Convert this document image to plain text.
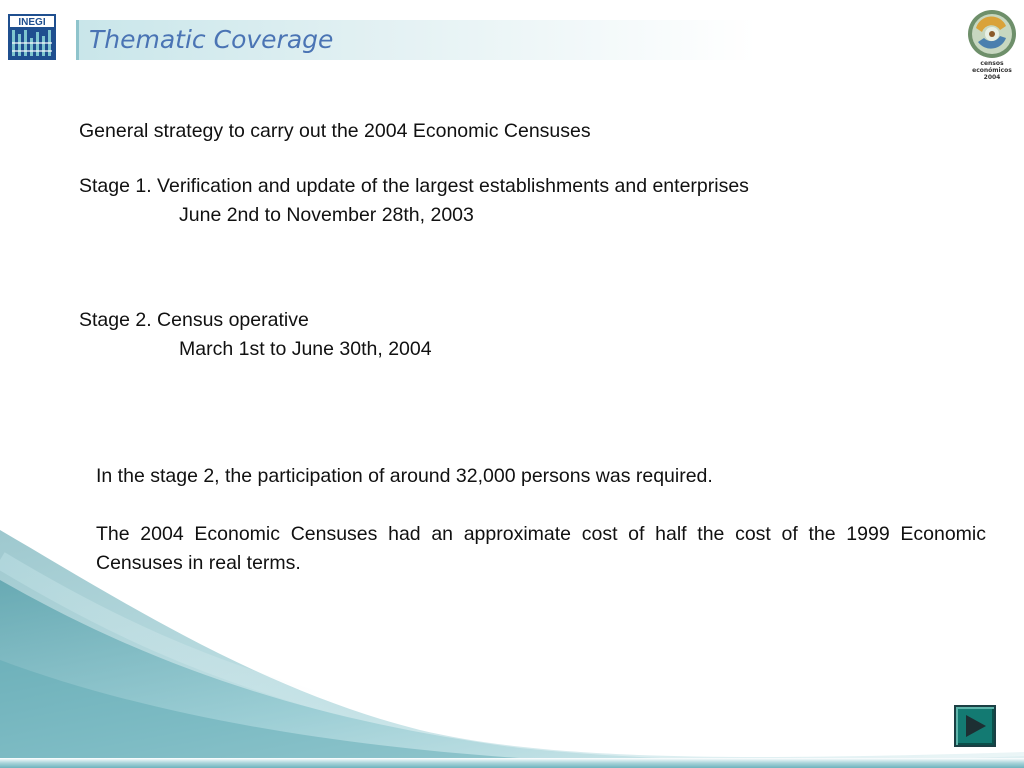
INEGI
Thematic Coverage
censos
económicos
2004

General strategy to carry out the 2004 Economic Censuses

Stage 1. Verification and update of the largest establishments and enterprises
June 2nd to November 28th, 2003
Stage 2. Census operative
March 1st to June 30th, 2004

In the stage 2, the participation of around 32,000 persons was required.

The 2004 Economic Censuses had an approximate cost of half the cost of the 1999 Economic Censuses in real terms.
